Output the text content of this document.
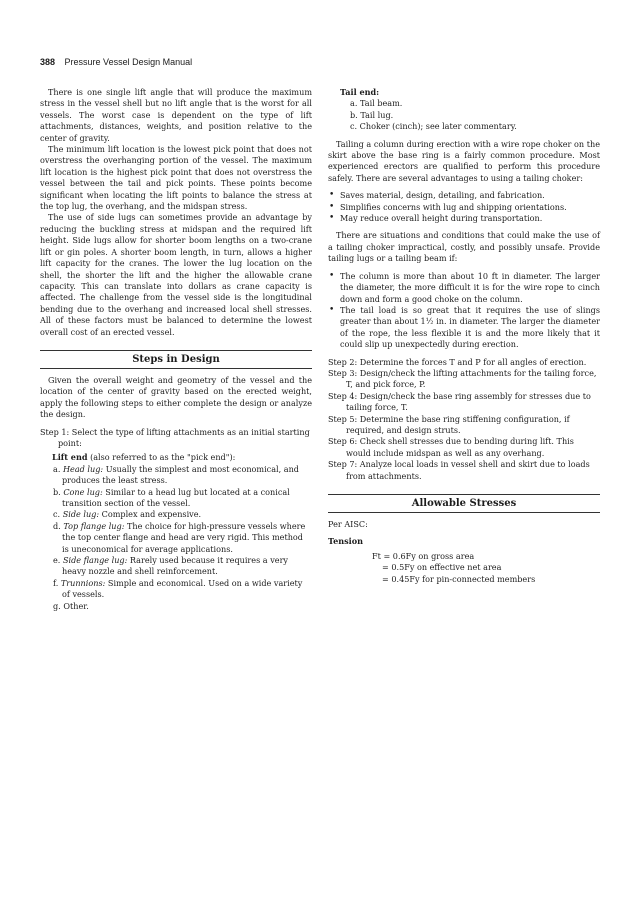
388 Pressure Vessel Design Manual

There is one single lift angle that will produce the maximum stress in the vessel shell but no lift angle that is the worst for all vessels. The worst case is dependent on the type of lift attachments, distances, weights, and position relative to the center of gravity.

The minimum lift location is the lowest pick point that does not overstress the overhanging portion of the vessel. The maximum lift location is the highest pick point that does not overstress the vessel between the tail and pick points. These points become significant when locating the lift points to balance the stress at the top lug, the overhang, and the midspan stress.

The use of side lugs can sometimes provide an advantage by reducing the buckling stress at midspan and the required lift height. Side lugs allow for shorter boom lengths on a two-crane lift or gin poles. A shorter boom length, in turn, allows a higher lift capacity for the cranes. The lower the lug location on the shell, the shorter the lift and the higher the allowable crane capacity. This can translate into dollars as crane capacity is affected. The challenge from the vessel side is the longitudinal bending due to the overhang and increased local shell stresses. All of these factors must be balanced to determine the lowest overall cost of an erected vessel.

Steps in Design

Given the overall weight and geometry of the vessel and the location of the center of gravity based on the erected weight, apply the following steps to either complete the design or analyze the design.

Step 1: Select the type of lifting attachments as an initial starting point:

Lift end (also referred to as the "pick end"):

a. Head lug: Usually the simplest and most economical, and produces the least stress.

b. Cone lug: Similar to a head lug but located at a conical transition section of the vessel.

c. Side lug: Complex and expensive.

d. Top flange lug: The choice for high-pressure vessels where the top center flange and head are very rigid. This method is uneconomical for average applications.

e. Side flange lug: Rarely used because it requires a very heavy nozzle and shell reinforcement.

f. Trunnions: Simple and economical. Used on a wide variety of vessels.

g. Other.

Tail end:

a. Tail beam.

b. Tail lug.

c. Choker (cinch); see later commentary.

Tailing a column during erection with a wire rope choker on the skirt above the base ring is a fairly common procedure. Most experienced erectors are qualified to perform this procedure safely. There are several advantages to using a tailing choker:

• Saves material, design, detailing, and fabrication.
• Simplifies concerns with lug and shipping orientations.
• May reduce overall height during transportation.

There are situations and conditions that could make the use of a tailing choker impractical, costly, and possibly unsafe. Provide tailing lugs or a tailing beam if:

• The column is more than about 10 ft in diameter. The larger the diameter, the more difficult it is for the wire rope to cinch down and form a good choke on the column.
• The tail load is so great that it requires the use of slings greater than about 1½ in. in diameter. The larger the diameter of the rope, the less flexible it is and the more likely that it could slip up unexpectedly during erection.

Step 2: Determine the forces T and P for all angles of erection.

Step 3: Design/check the lifting attachments for the tailing force, T, and pick force, P.

Step 4: Design/check the base ring assembly for stresses due to tailing force, T.

Step 5: Determine the base ring stiffening configuration, if required, and design struts.

Step 6: Check shell stresses due to bending during lift. This would include midspan as well as any overhang.

Step 7: Analyze local loads in vessel shell and skirt due to loads from attachments.

Allowable Stresses

Per AISC:

Tension

Ft = 0.6Fy on gross area

= 0.5Fy on effective net area

= 0.45Fy for pin-connected members
